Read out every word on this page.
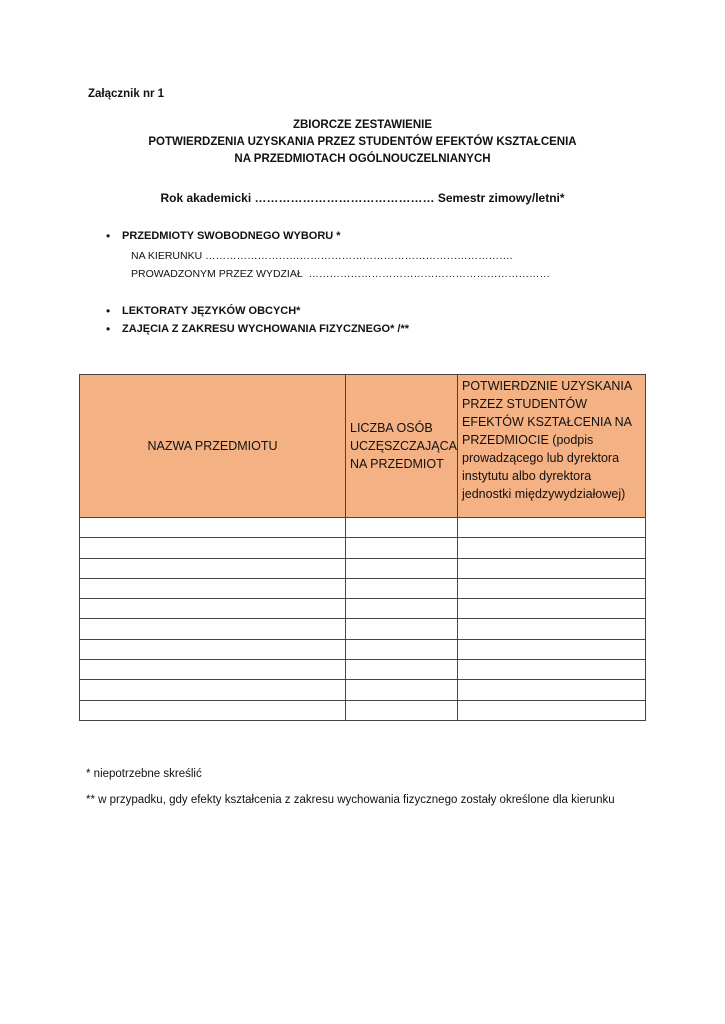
Załącznik nr 1
ZBIORCZE ZESTAWIENIE
POTWIERDZENIA UZYSKANIA PRZEZ STUDENTÓW EFEKTÓW KSZTAŁCENIA
NA PRZEDMIOTACH OGÓLNOUCZELNIANYCH
Rok akademicki ……………………………………… Semestr zimowy/letni*
•	PRZEDMIOTY SWOBODNEGO WYBORU *
NA KIERUNKU …………………………………………………………………………….
PROWADZONYM PRZEZ WYDZIAŁ  ……………………………………………………………
•	LEKTORATY JĘZYKÓW OBCYCH*
•	ZAJĘCIA Z ZAKRESU WYCHOWANIA FIZYCZNEGO* /**
NAZWA PRZEDMIOTU	LICZBA OSÓB UCZĘSZCZAJĄCA NA PRZEDMIOT	POTWIERDZNIE UZYSKANIA PRZEZ STUDENTÓW EFEKTÓW KSZTAŁCENIA NA PRZEDMIOCIE (podpis prowadzącego lub dyrektora instytutu albo dyrektora jednostki międzywydziałowej)

* niepotrzebne skreślić
** w przypadku, gdy efekty kształcenia z zakresu wychowania fizycznego zostały określone dla kierunku
